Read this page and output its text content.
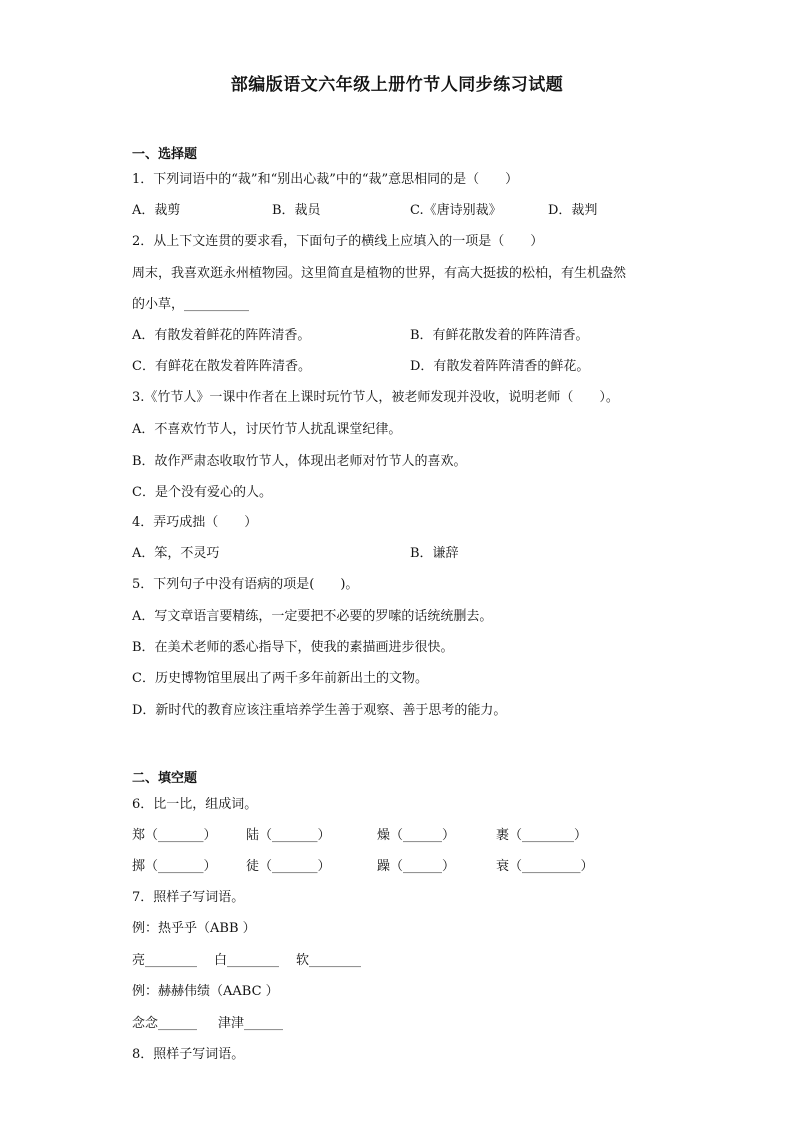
部编版语文六年级上册竹节人同步练习试题
一、选择题
1．下列词语中的“裁”和“别出心裁”中的“裁”意思相同的是（　　）
A．裁剪	B．裁员	C.《唐诗别裁》	D．裁判
2．从上下文连贯的要求看，下面句子的横线上应填入的一项是（　　）
周末，我喜欢逛永州植物园。这里简直是植物的世界，有高大挺拔的松柏，有生机盎然
的小草，__________
A．有散发着鲜花的阵阵清香。	B．有鲜花散发着的阵阵清香。
C．有鲜花在散发着阵阵清香。	D．有散发着阵阵清香的鲜花。
3.《竹节人》一课中作者在上课时玩竹节人，被老师发现并没收，说明老师（　　）。
A．不喜欢竹节人，讨厌竹节人扰乱课堂纪律。
B．故作严肃态收取竹节人，体现出老师对竹节人的喜欢。
C．是个没有爱心的人。
4．弄巧成拙（　　）
A．笨，不灵巧	B．谦辞
5．下列句子中没有语病的项是(　　)。
A．写文章语言要精练，一定要把不必要的罗嗦的话统统删去。
B．在美术老师的悉心指导下，使我的素描画进步很快。
C．历史博物馆里展出了两千多年前新出土的文物。
D．新时代的教育应该注重培养学生善于观察、善于思考的能力。
二、填空题
6．比一比，组成词。
郑（_______） 陆（_______）	燥（______）	裹（________）
掷（_______） 徒（_______）	躁（______）	衰（_________）
7．照样子写词语。
例：热乎乎（ABB ）
亮________ 白________ 软________
例：赫赫伟绩（AABC ）
念念______ 津津______
8．照样子写词语。
